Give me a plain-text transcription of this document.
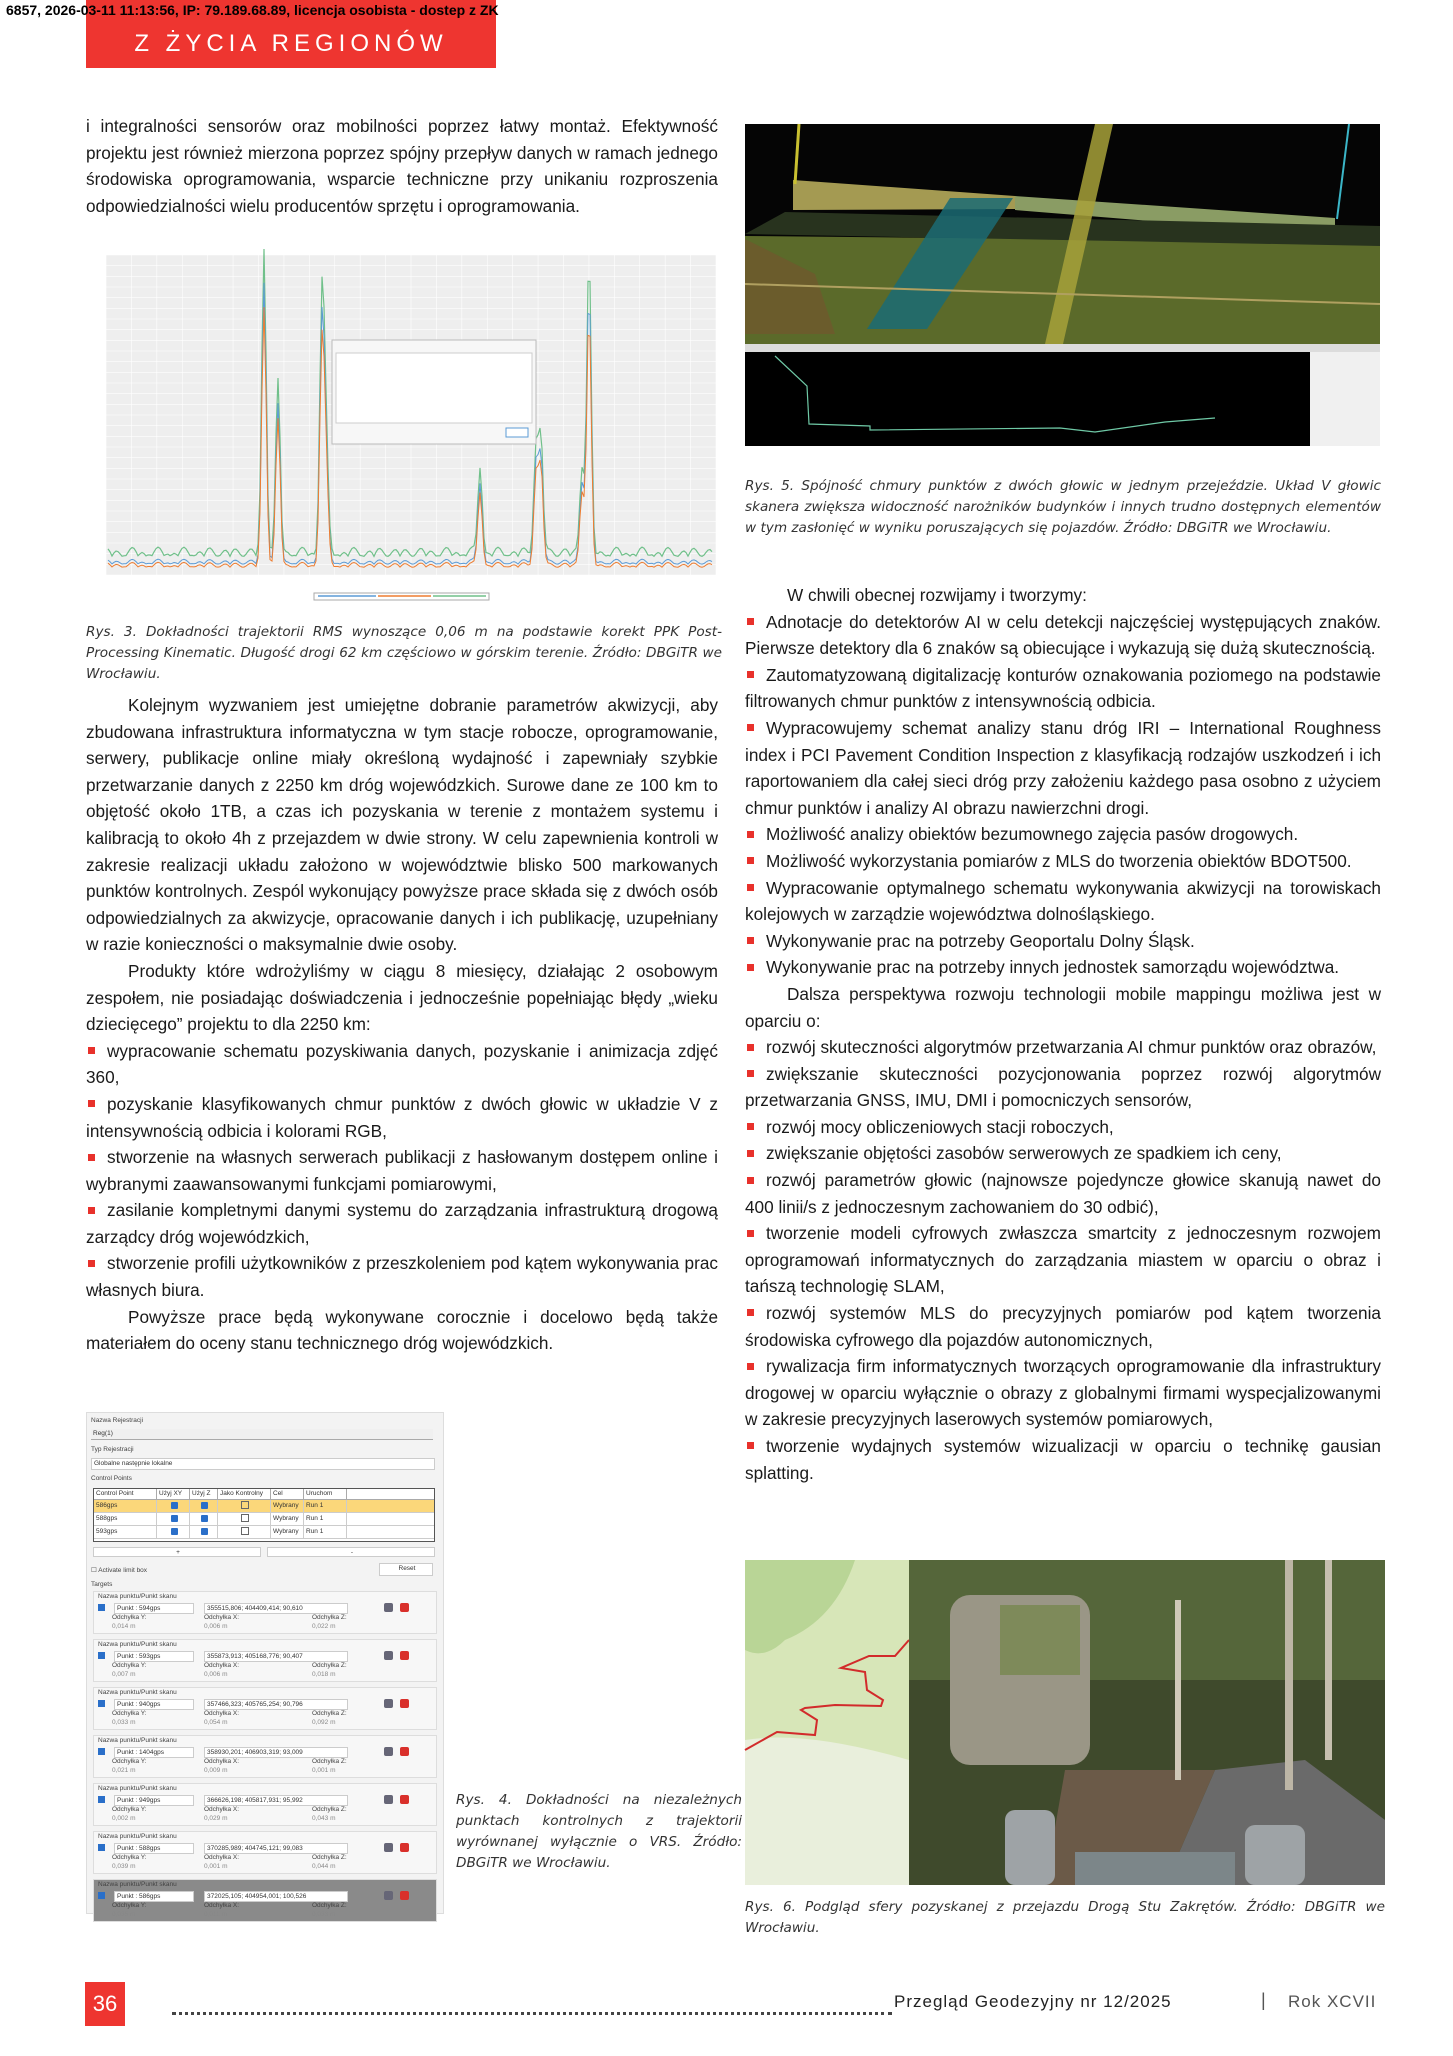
6857, 2026-03-11 11:13:56, IP: 79.189.68.89, licencja osobista - dostep z ZK
Z ŻYCIA REGIONÓW

i integralności sensorów oraz mobilności poprzez łatwy montaż. Efektywność projektu jest również mierzona poprzez spójny przepływ danych w ramach jednego środowiska oprogramowania, wsparcie techniczne przy unikaniu rozproszenia odpowiedzialności wielu producentów sprzętu i oprogramowania.

Rys. 3. Dokładności trajektorii RMS wynoszące 0,06 m na podstawie korekt PPK Post-Processing Kinematic. Długość drogi 62 km częściowo w górskim terenie. Źródło: DBGiTR we Wrocławiu.

Kolejnym wyzwaniem jest umiejętne dobranie parametrów akwizycji, aby zbudowana infrastruktura informatyczna w tym stacje robocze, oprogramowanie, serwery, publikacje online miały określoną wydajność i zapewniały szybkie przetwarzanie danych z 2250 km dróg wojewódzkich. Surowe dane ze 100 km to objętość około 1TB, a czas ich pozyskania w terenie z montażem systemu i kalibracją to około 4h z przejazdem w dwie strony. W celu zapewnienia kontroli w zakresie realizacji układu założono w województwie blisko 500 markowanych punktów kontrolnych. Zespól wykonujący powyższe prace składa się z dwóch osób odpowiedzialnych za akwizycje, opracowanie danych i ich publikację, uzupełniany w razie konieczności o maksymalnie dwie osoby.

Produkty które wdrożyliśmy w ciągu 8 miesięcy, działając 2 osobowym zespołem, nie posiadając doświadczenia i jednocześnie popełniając błędy „wieku dziecięcego” projektu to dla 2250 km:

wypracowanie schematu pozyskiwania danych, pozyskanie i animizacja zdjęć 360,

pozyskanie klasyfikowanych chmur punktów z dwóch głowic w układzie V z intensywnością odbicia i kolorami RGB,

stworzenie na własnych serwerach publikacji z hasłowanym dostępem online i wybranymi zaawansowanymi funkcjami pomiarowymi,

zasilanie kompletnymi danymi systemu do zarządzania infrastrukturą drogową zarządcy dróg wojewódzkich,

stworzenie profili użytkowników z przeszkoleniem pod kątem wykonywania prac własnych biura.

Powyższe prace będą wykonywane corocznie i docelowo będą także materiałem do oceny stanu technicznego dróg wojewódzkich.

Nazwa Rejestracji
Reg(1)
Typ Rejestracji
Globalne następnie lokalne
Control Points
Control Point	Użyj XY	Użyj Z	Jako Kontrolny	Cel	Uruchom
586gps	Wybrany	Run 1
588gps	Wybrany	Run 1
593gps	Wybrany	Run 1
+	-
☐ Activate limit box	Reset
Targets
Nazwa punktu/Punkt skanu
Punkt : 594gps	355515,806; 404409,414; 90,610
Odchyłka Y:	Odchyłka X:	Odchyłka Z:
0,014 m	0,006 m	0,022 m
Nazwa punktu/Punkt skanu
Punkt : 593gps	355873,913; 405168,776; 90,407
Odchyłka Y:	Odchyłka X:	Odchyłka Z:
0,007 m	0,006 m	0,018 m
Nazwa punktu/Punkt skanu
Punkt : 940gps	357466,323; 405765,254; 90,796
Odchyłka Y:	Odchyłka X:	Odchyłka Z:
0,033 m	0,054 m	0,092 m
Nazwa punktu/Punkt skanu
Punkt : 1404gps	358930,201; 406903,319; 93,009
Odchyłka Y:	Odchyłka X:	Odchyłka Z:
0,021 m	0,009 m	0,001 m
Nazwa punktu/Punkt skanu
Punkt : 949gps	366626,198; 405817,931; 95,992
Odchyłka Y:	Odchyłka X:	Odchyłka Z:
0,002 m	0,029 m	0,043 m
Nazwa punktu/Punkt skanu
Punkt : 588gps	370285,989; 404745,121; 99,083
Odchyłka Y:	Odchyłka X:	Odchyłka Z:
0,039 m	0,001 m	0,044 m
Nazwa punktu/Punkt skanu
Punkt : 586gps	372025,105; 404954,001; 100,526
Odchyłka Y:	Odchyłka X:	Odchyłka Z:
0,035 m	0,011 m	0,033 m
Rys. 4. Dokładności na niezależnych punktach kontrolnych z trajektorii wyrównanej wyłącznie o VRS. Źródło: DBGiTR we Wrocławiu.
Rys. 5. Spójność chmury punktów z dwóch głowic w jednym przejeździe. Układ V głowic skanera zwiększa widoczność narożników budynków i innych trudno dostępnych elementów w tym zasłonięć w wyniku poruszających się pojazdów. Źródło: DBGiTR we Wrocławiu.

W chwili obecnej rozwijamy i tworzymy:

Adnotacje do detektorów AI w celu detekcji najczęściej występujących znaków. Pierwsze detektory dla 6 znaków są obiecujące i wykazują się dużą skutecznością.

Zautomatyzowaną digitalizację konturów oznakowania poziomego na podstawie filtrowanych chmur punktów z intensywnością odbicia.

Wypracowujemy schemat analizy stanu dróg IRI – International Roughness index i PCI Pavement Condition Inspection z klasyfikacją rodzajów uszkodzeń i ich raportowaniem dla całej sieci dróg przy założeniu każdego pasa osobno z użyciem chmur punktów i analizy AI obrazu nawierzchni drogi.

Możliwość analizy obiektów bezumownego zajęcia pasów drogowych.

Możliwość wykorzystania pomiarów z MLS do tworzenia obiektów BDOT500.

Wypracowanie optymalnego schematu wykonywania akwizycji na torowiskach kolejowych w zarządzie województwa dolnośląskiego.

Wykonywanie prac na potrzeby Geoportalu Dolny Śląsk.

Wykonywanie prac na potrzeby innych jednostek samorządu województwa.

Dalsza perspektywa rozwoju technologii mobile mappingu możliwa jest w oparciu o:

rozwój skuteczności algorytmów przetwarzania AI chmur punktów oraz obrazów,

zwiększanie skuteczności pozycjonowania poprzez rozwój algorytmów przetwarzania GNSS, IMU, DMI i pomocniczych sensorów,

rozwój mocy obliczeniowych stacji roboczych,

zwiększanie objętości zasobów serwerowych ze spadkiem ich ceny,

rozwój parametrów głowic (najnowsze pojedyncze głowice skanują nawet do 400 linii/s z jednoczesnym zachowaniem do 30 odbić),

tworzenie modeli cyfrowych zwłaszcza smartcity z jednoczesnym rozwojem oprogramowań informatycznych do zarządzania miastem w oparciu o obraz i tańszą technologię SLAM,

rozwój systemów MLS do precyzyjnych pomiarów pod kątem tworzenia środowiska cyfrowego dla pojazdów autonomicznych,

rywalizacja firm informatycznych tworzących oprogramowanie dla infrastruktury drogowej w oparciu wyłącznie o obrazy z globalnymi firmami wyspecjalizowanymi w zakresie precyzyjnych laserowych systemów pomiarowych,

tworzenie wydajnych systemów wizualizacji w oparciu o technikę gausian splatting.

Rys. 6. Podgląd sfery pozyskanej z przejazdu Drogą Stu Zakrętów. Źródło: DBGiTR we Wrocławiu.
36	Przegląd Geodezyjny nr 12/2025	| Rok XCVII
